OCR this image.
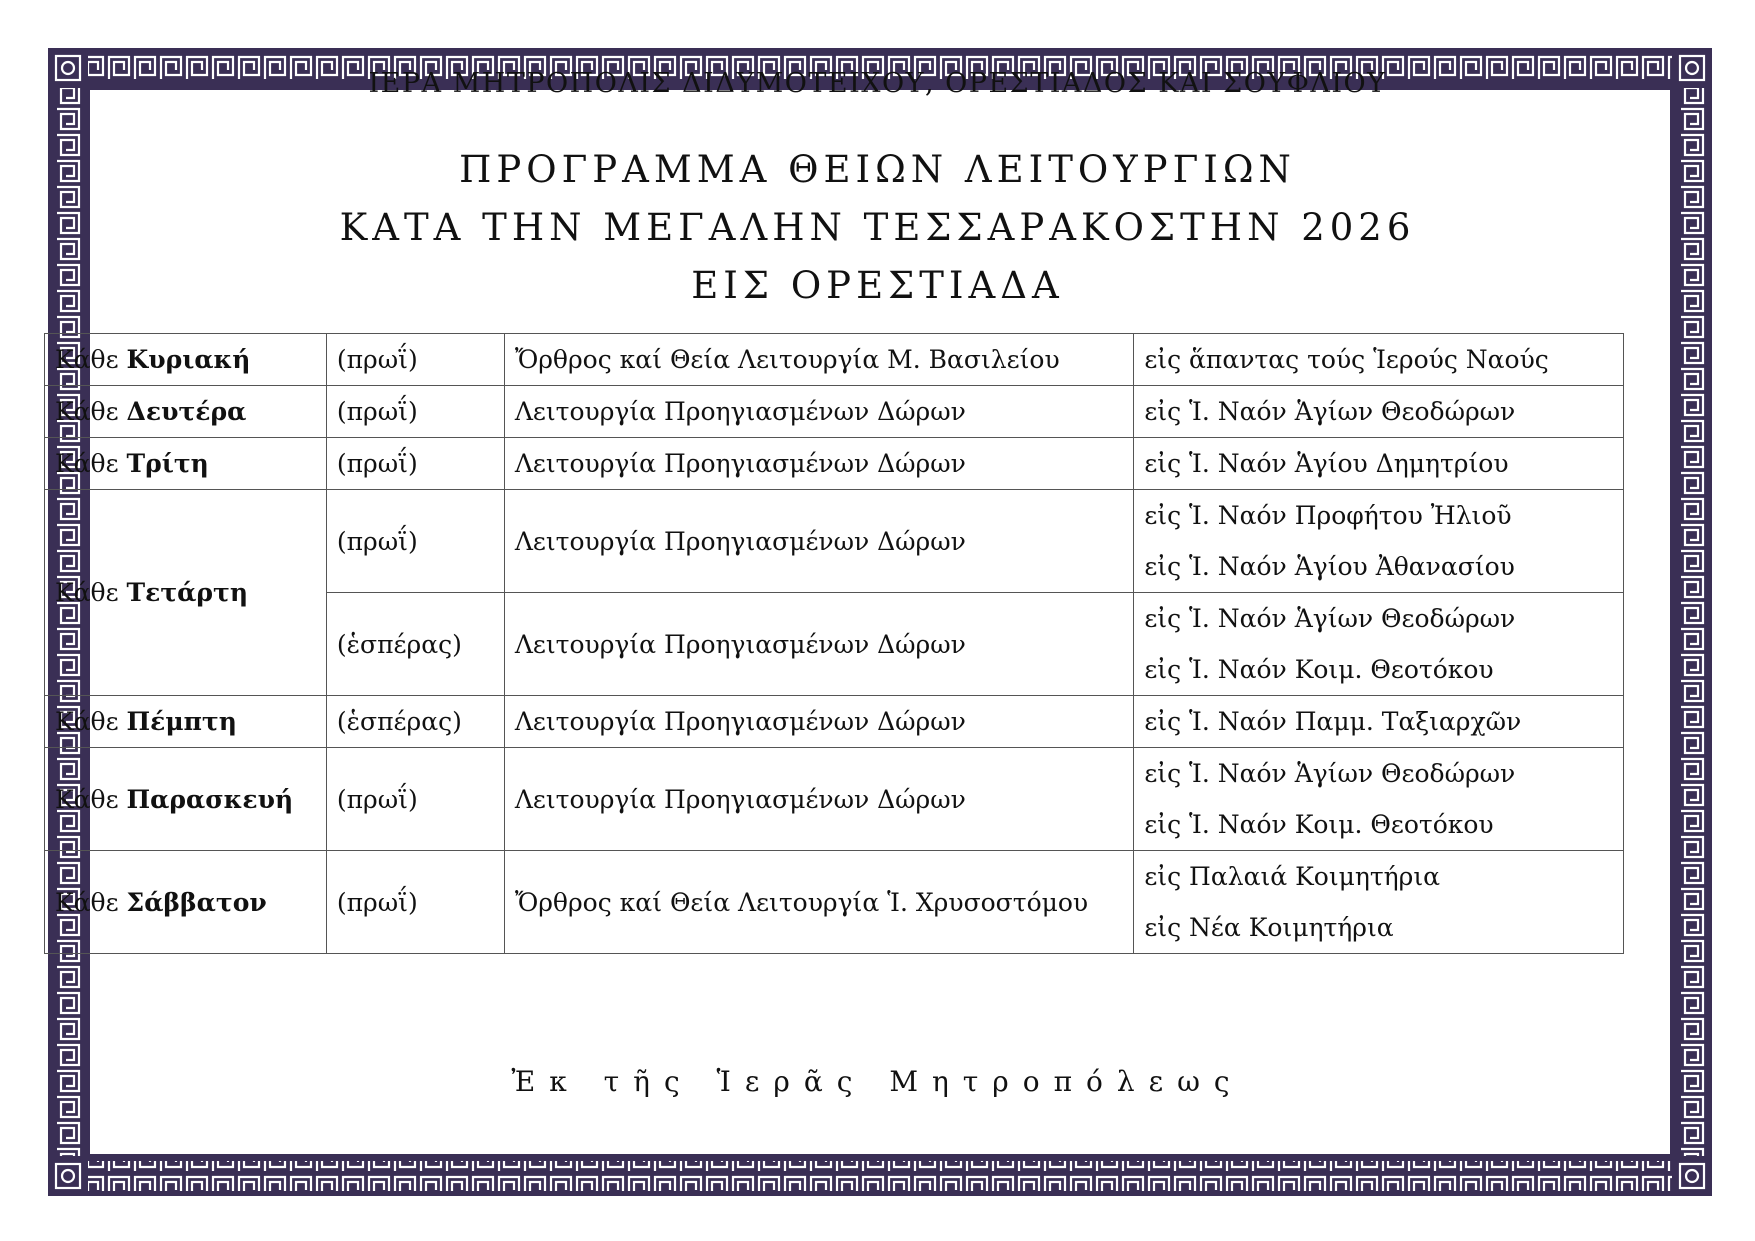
ΙΕΡΑ ΜΗΤΡΟΠΟΛΙΣ ΔΙΔΥΜΟΤΕΙΧΟΥ, ΟΡΕΣΤΙΑΔΟΣ ΚΑΙ ΣΟΥΦΛΙΟΥ
ΠΡΟΓΡΑΜΜΑ ΘΕΙΩΝ ΛΕΙΤΟΥΡΓΙΩΝ
ΚΑΤΑ ΤΗΝ ΜΕΓΑΛΗΝ ΤΕΣΣΑΡΑΚΟΣΤΗΝ 2026
ΕΙΣ ΟΡΕΣΤΙΑΔΑ
Κάθε Κυριακή	(πρωΐ)	Ὄρθρος καί Θεία Λειτουργία Μ. Βασιλείου	εἰς ἅπαντας τούς Ἱερούς Ναούς

Κάθε Δευτέρα	(πρωΐ)	Λειτουργία Προηγιασμένων Δώρων	εἰς Ἱ. Ναόν Ἁγίων Θεοδώρων

Κάθε Τρίτη	(πρωΐ)	Λειτουργία Προηγιασμένων Δώρων	εἰς Ἱ. Ναόν Ἁγίου Δημητρίου

Κάθε Τετάρτη	(πρωΐ)	Λειτουργία Προηγιασμένων Δώρων	εἰς Ἱ. Ναόν Προφήτου Ἠλιοῦ
εἰς Ἱ. Ναόν Ἁγίου Ἀθανασίου

	(ἑσπέρας)	Λειτουργία Προηγιασμένων Δώρων	εἰς Ἱ. Ναόν Ἁγίων Θεοδώρων
εἰς Ἱ. Ναόν Κοιμ. Θεοτόκου

Κάθε Πέμπτη	(ἑσπέρας)	Λειτουργία Προηγιασμένων Δώρων	εἰς Ἱ. Ναόν Παμμ. Ταξιαρχῶν

Κάθε Παρασκευή	(πρωΐ)	Λειτουργία Προηγιασμένων Δώρων	εἰς Ἱ. Ναόν Ἁγίων Θεοδώρων
εἰς Ἱ. Ναόν Κοιμ. Θεοτόκου

Κάθε Σάββατον	(πρωΐ)	Ὄρθρος καί Θεία Λειτουργία Ἱ. Χρυσοστόμου	εἰς Παλαιά Κοιμητήρια
εἰς Νέα Κοιμητήρια
Ἐκ τῆς Ἱερᾶς Μητροπόλεως
